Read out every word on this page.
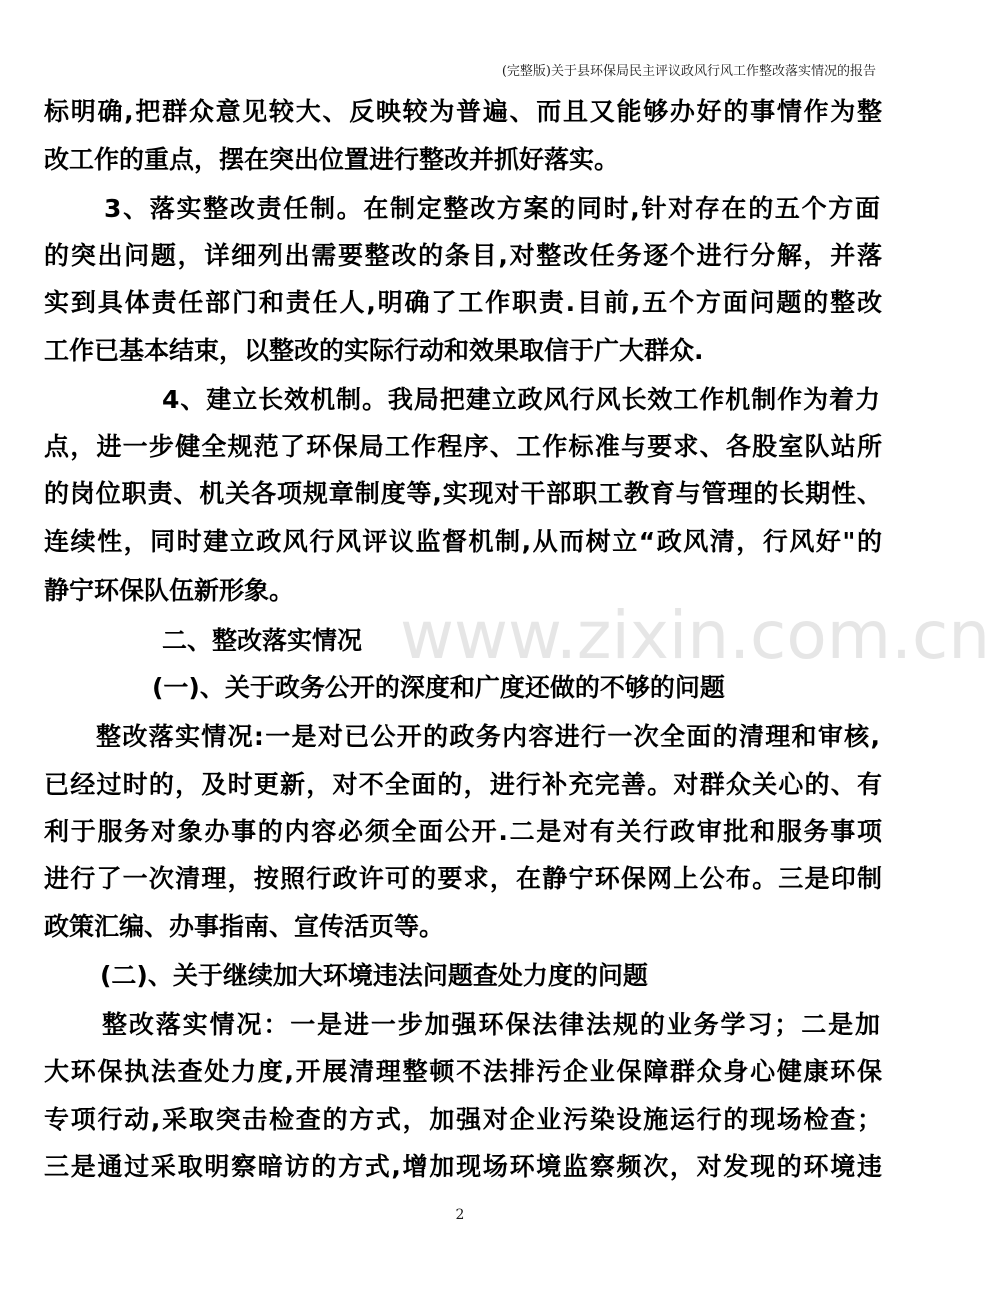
(完整版)关于县环保局民主评议政风行风工作整改落实情况的报告
标明确,把群众意见较大、反映较为普遍、而且又能够办好的事情作为整
改工作的重点，摆在突出位置进行整改并抓好落实。
3、落实整改责任制。在制定整改方案的同时,针对存在的五个方面
的突出问题，详细列出需要整改的条目,对整改任务逐个进行分解，并落
实到具体责任部门和责任人,明确了工作职责.目前,五个方面问题的整改
工作已基本结束，以整改的实际行动和效果取信于广大群众.
4、建立长效机制。我局把建立政风行风长效工作机制作为着力
点，进一步健全规范了环保局工作程序、工作标准与要求、各股室队站所
的岗位职责、机关各项规章制度等,实现对干部职工教育与管理的长期性、
连续性，同时建立政风行风评议监督机制,从而树立“政风清，行风好"的
静宁环保队伍新形象。
二、整改落实情况
(一)、关于政务公开的深度和广度还做的不够的问题
整改落实情况:一是对已公开的政务内容进行一次全面的清理和审核,
已经过时的，及时更新，对不全面的，进行补充完善。对群众关心的、有
利于服务对象办事的内容必须全面公开.二是对有关行政审批和服务事项
进行了一次清理，按照行政许可的要求，在静宁环保网上公布。三是印制
政策汇编、办事指南、宣传活页等。
(二)、关于继续加大环境违法问题查处力度的问题
整改落实情况：一是进一步加强环保法律法规的业务学习；二是加
大环保执法查处力度,开展清理整顿不法排污企业保障群众身心健康环保
专项行动,采取突击检查的方式，加强对企业污染设施运行的现场检查；
三是通过采取明察暗访的方式,增加现场环境监察频次，对发现的环境违
www.zixin.com.cn
2
